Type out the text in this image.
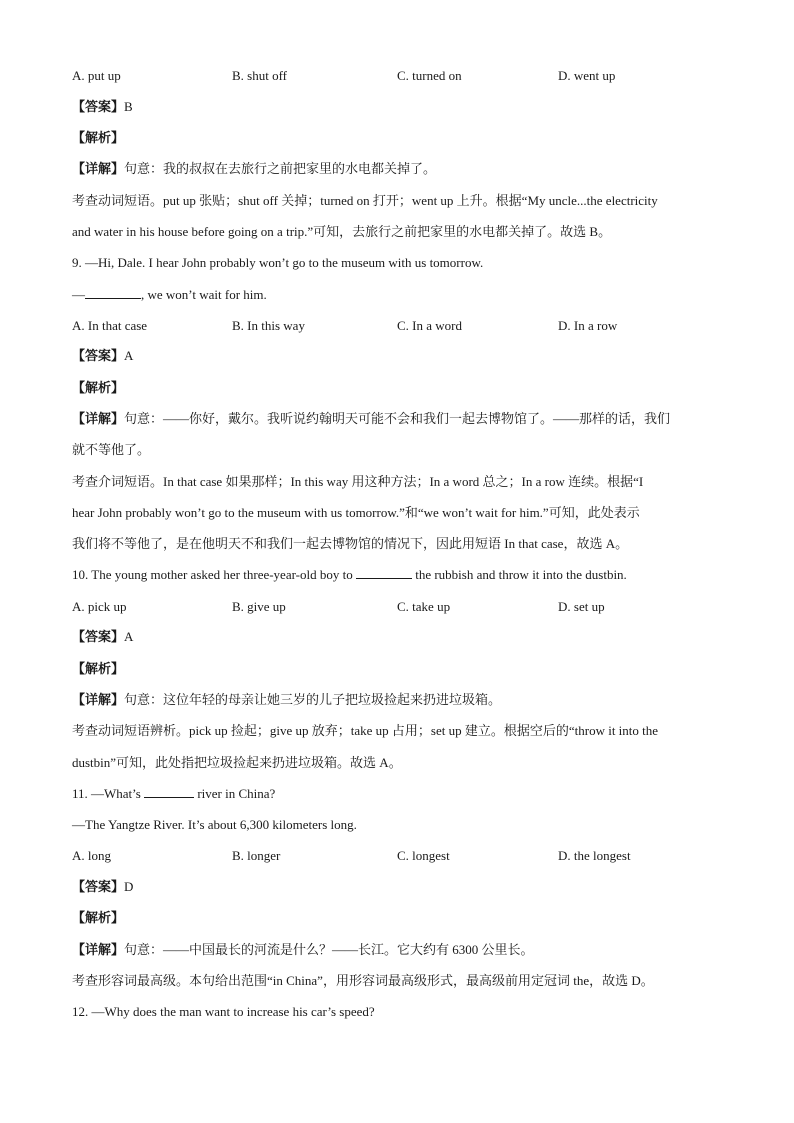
A. put up	B. shut off	C. turned on	D. went up
【答案】B
【解析】
【详解】句意：我的叔叔在去旅行之前把家里的水电都关掉了。
考查动词短语。put up 张贴；shut off 关掉；turned on 打开；went up 上升。根据“My uncle...the electricity
and water in his house before going on a trip.”可知，去旅行之前把家里的水电都关掉了。故选 B。
9. —Hi, Dale. I hear John probably won’t go to the museum with us tomorrow.
—	, we won’t wait for him.
A. In that case	B. In this way	C. In a word	D. In a row
【答案】A
【解析】
【详解】句意：——你好，戴尔。我听说约翰明天可能不会和我们一起去博物馆了。——那样的话，我们
就不等他了。
考查介词短语。In that case 如果那样；In this way 用这种方法；In a word 总之；In a row 连续。根据“I
hear John probably won’t go to the museum with us tomorrow.”和“we won’t wait for him.”可知，此处表示
我们将不等他了，是在他明天不和我们一起去博物馆的情况下，因此用短语 In that case，故选 A。
10. The young mother asked her three-year-old boy to	the rubbish and throw it into the dustbin.
A. pick up	B. give up	C. take up	D. set up
【答案】A
【解析】
【详解】句意：这位年轻的母亲让她三岁的儿子把垃圾捡起来扔进垃圾箱。
考查动词短语辨析。pick up 捡起；give up 放弃；take up 占用；set up 建立。根据空后的“throw it into the
dustbin”可知，此处指把垃圾捡起来扔进垃圾箱。故选 A。
11. —What’s	river in China?
—The Yangtze River. It’s about 6,300 kilometers long.
A. long	B. longer	C. longest	D. the longest
【答案】D
【解析】
【详解】句意：——中国最长的河流是什么？——长江。它大约有 6300 公里长。
考查形容词最高级。本句给出范围“in China”，用形容词最高级形式，最高级前用定冠词 the，故选 D。
12. —Why does the man want to increase his car’s speed?
